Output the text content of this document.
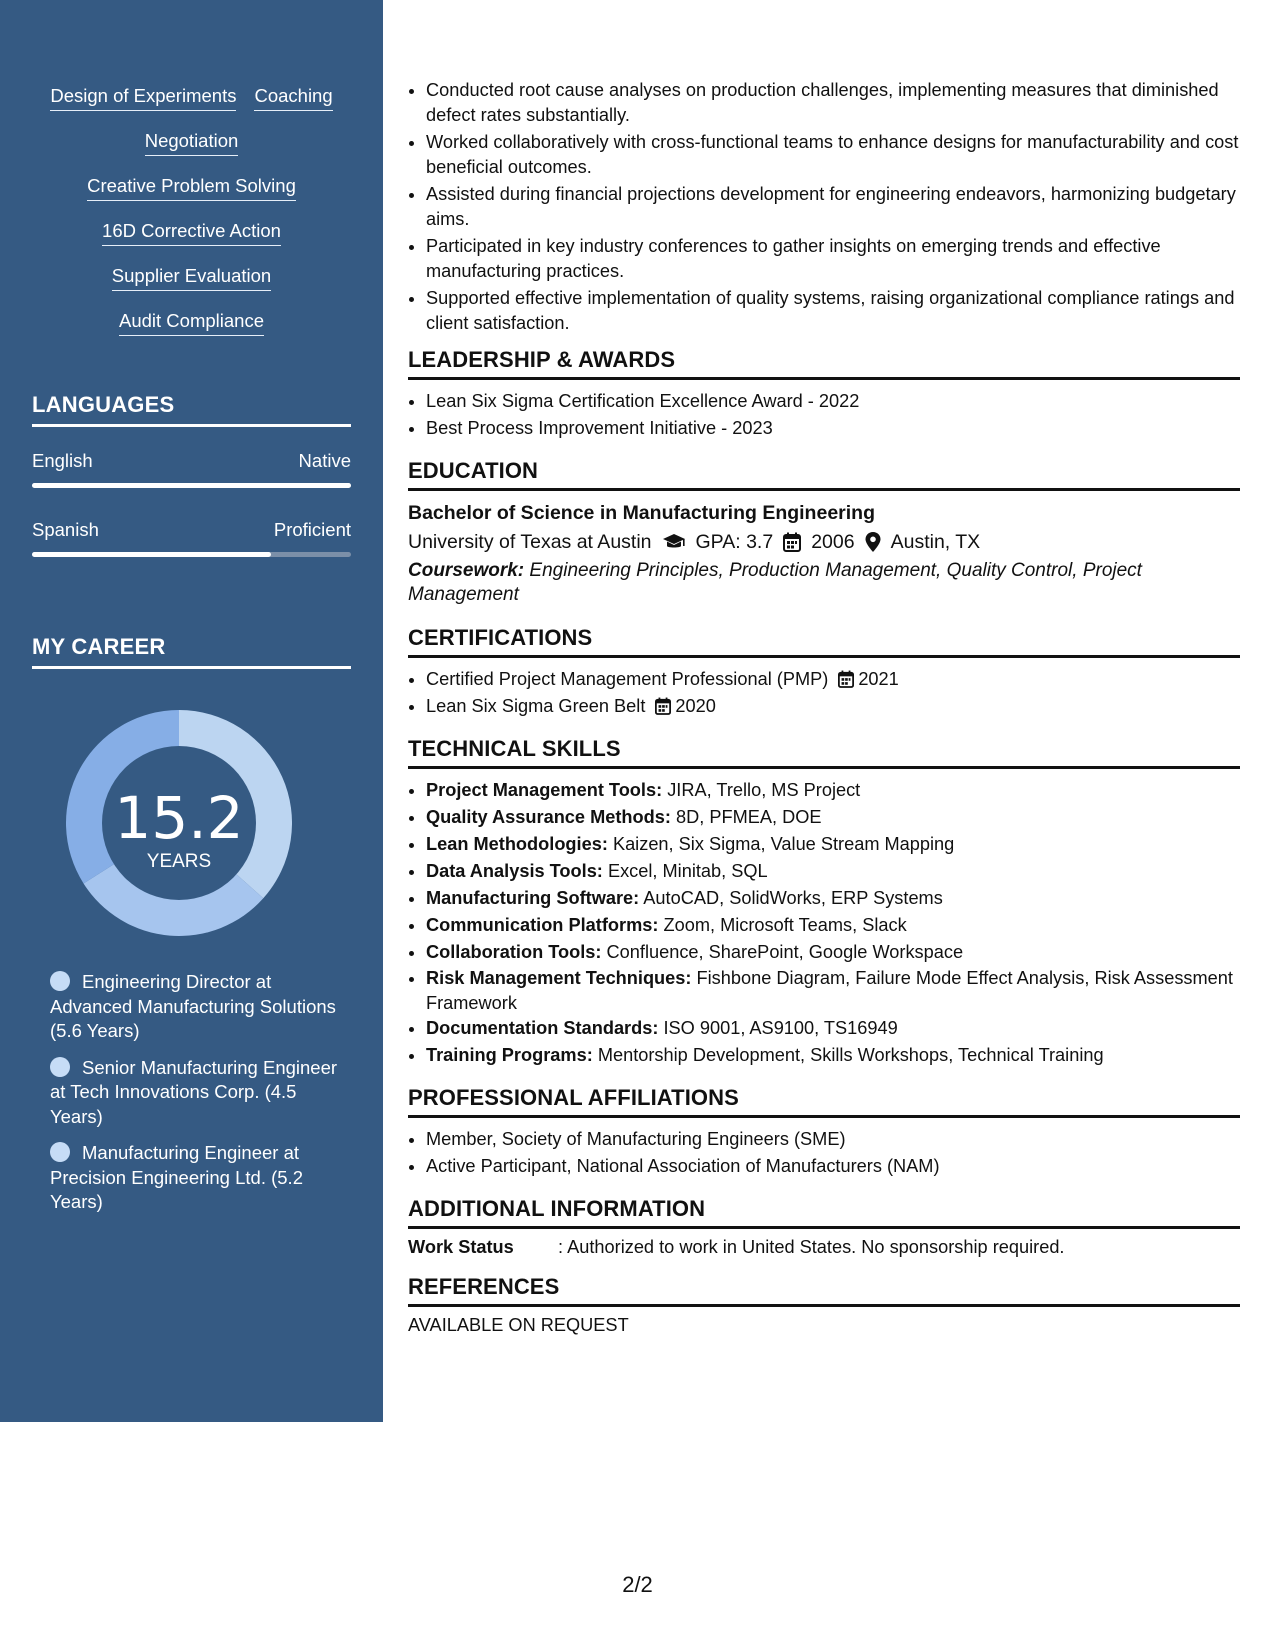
Design of Experiments Coaching
Negotiation
Creative Problem Solving
16D Corrective Action
Supplier Evaluation
Audit Compliance
LANGUAGES
English	Native
Spanish	Proficient
MY CAREER
15.2
YEARS
Engineering Director at Advanced Manufacturing Solutions (5.6 Years)
Senior Manufacturing Engineer at Tech Innovations Corp. (4.5 Years)
Manufacturing Engineer at Precision Engineering Ltd. (5.2 Years)
• Conducted root cause analyses on production challenges, implementing measures that diminished defect rates substantially.
• Worked collaboratively with cross-functional teams to enhance designs for manufacturability and cost beneficial outcomes.
• Assisted during financial projections development for engineering endeavors, harmonizing budgetary aims.
• Participated in key industry conferences to gather insights on emerging trends and effective manufacturing practices.
• Supported effective implementation of quality systems, raising organizational compliance ratings and client satisfaction.
LEADERSHIP & AWARDS
• Lean Six Sigma Certification Excellence Award - 2022
• Best Process Improvement Initiative - 2023
EDUCATION
Bachelor of Science in Manufacturing Engineering
University of Texas at Austin GPA: 3.7 2006 Austin, TX
Coursework: Engineering Principles, Production Management, Quality Control, Project Management
CERTIFICATIONS
• Certified Project Management Professional (PMP) 2021
• Lean Six Sigma Green Belt 2020
TECHNICAL SKILLS
• Project Management Tools: JIRA, Trello, MS Project
• Quality Assurance Methods: 8D, PFMEA, DOE
• Lean Methodologies: Kaizen, Six Sigma, Value Stream Mapping
• Data Analysis Tools: Excel, Minitab, SQL
• Manufacturing Software: AutoCAD, SolidWorks, ERP Systems
• Communication Platforms: Zoom, Microsoft Teams, Slack
• Collaboration Tools: Confluence, SharePoint, Google Workspace
• Risk Management Techniques: Fishbone Diagram, Failure Mode Effect Analysis, Risk Assessment Framework
• Documentation Standards: ISO 9001, AS9100, TS16949
• Training Programs: Mentorship Development, Skills Workshops, Technical Training
PROFESSIONAL AFFILIATIONS
• Member, Society of Manufacturing Engineers (SME)
• Active Participant, National Association of Manufacturers (NAM)
ADDITIONAL INFORMATION
Work Status	: Authorized to work in United States. No sponsorship required.
REFERENCES
AVAILABLE ON REQUEST
2/2
